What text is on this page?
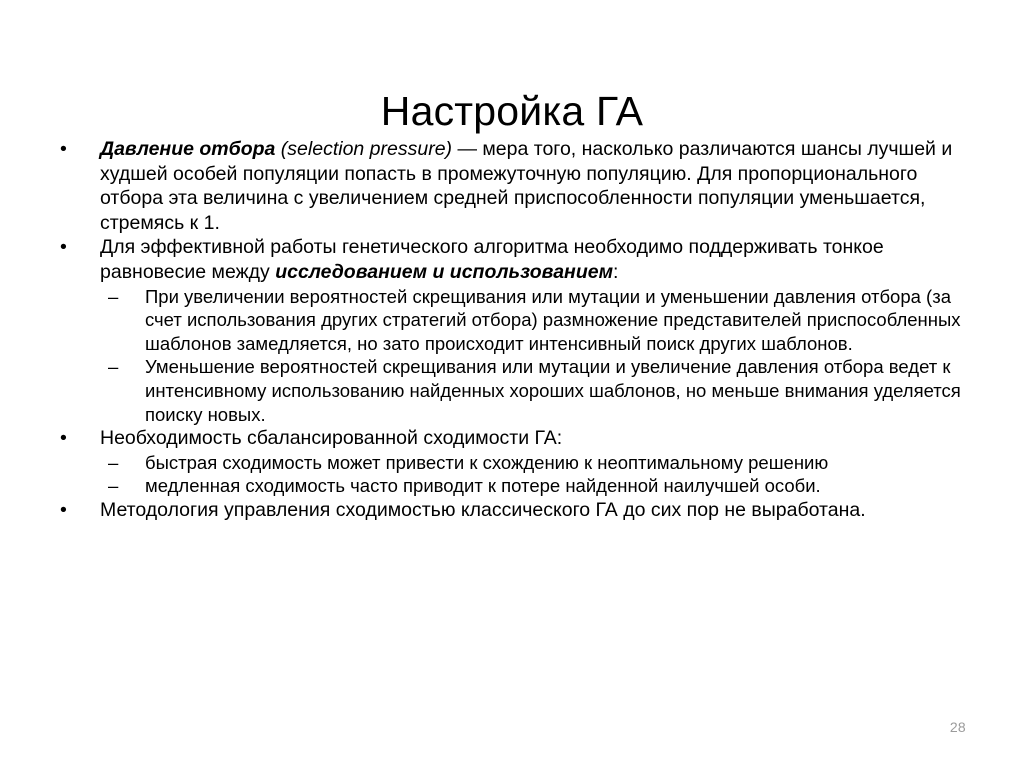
Настройка ГА
• Давление отбора (selection pressure) — мера того, насколько различаются шансы лучшей и худшей особей популяции попасть в промежуточную популяцию. Для пропорционального отбора эта величина с увеличением средней приспособленности популяции уменьшается, стремясь к 1.
• Для эффективной работы генетического алгоритма необходимо поддерживать тонкое равновесие между исследованием и использованием:
– При увеличении вероятностей скрещивания или мутации и уменьшении давления отбора (за счет использования других стратегий отбора) размножение представителей приспособленных шаблонов замедляется, но зато происходит интенсивный поиск других шаблонов.
– Уменьшение вероятностей скрещивания или мутации и увеличение давления отбора ведет к интенсивному использованию найденных хороших шаблонов, но меньше внимания уделяется поиску новых.
• Необходимость сбалансированной сходимости ГА:
– быстрая сходимость может привести к схождению к неоптимальному решению
– медленная сходимость часто приводит к потере найденной наилучшей особи.
• Методология управления сходимостью классического ГА до сих пор не выработана.
28
